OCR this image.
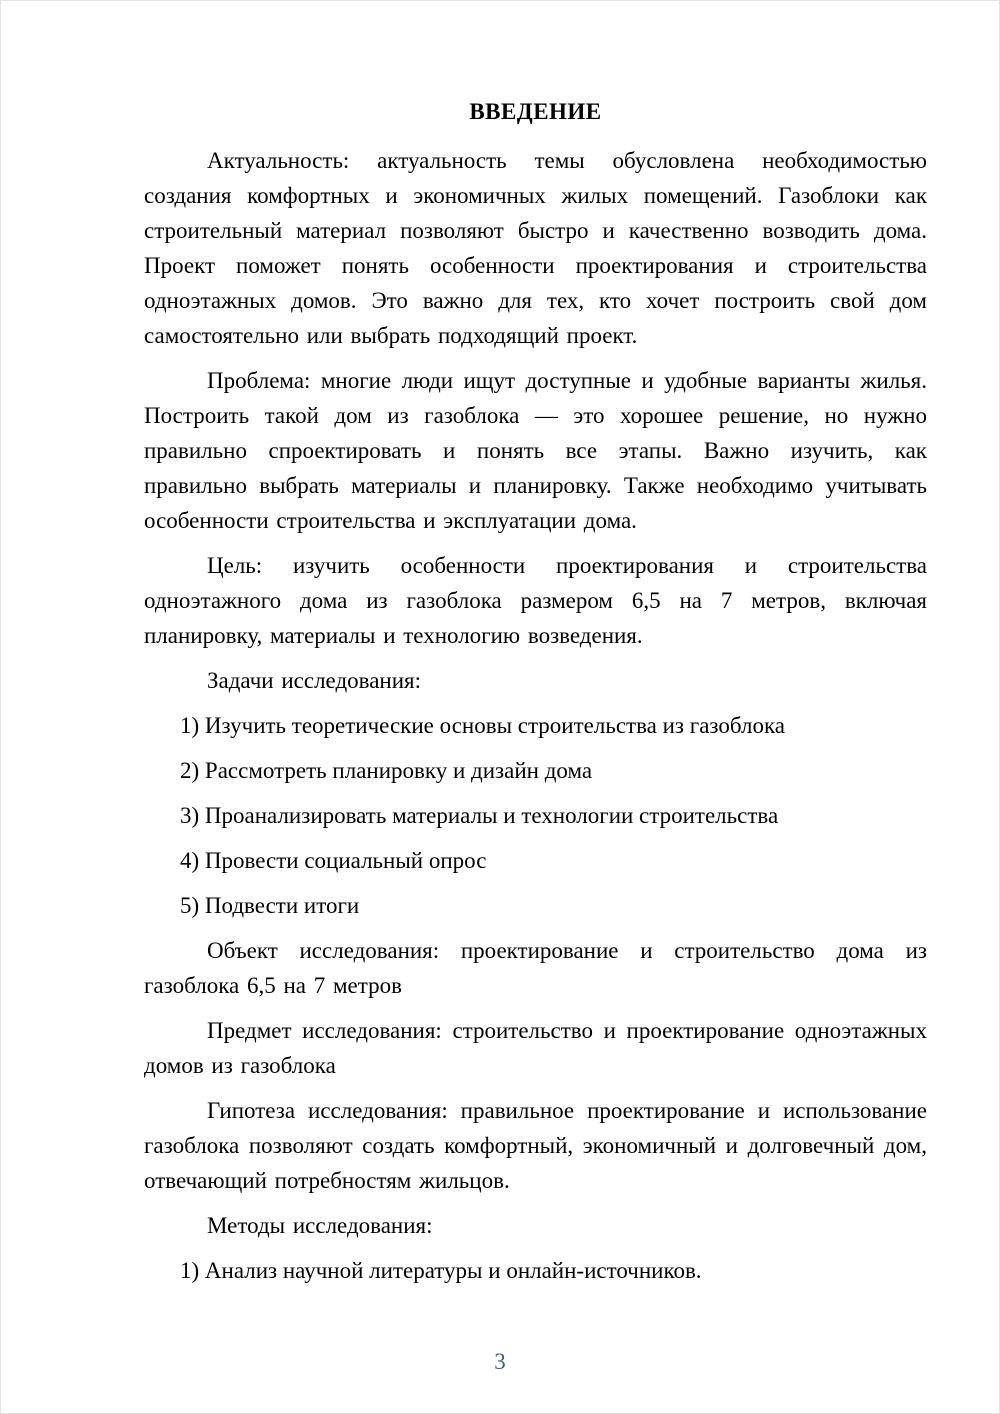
ВВЕДЕНИЕ

Актуальность: актуальность темы обусловлена необходимостью создания комфортных и экономичных жилых помещений. Газоблоки как строительный материал позволяют быстро и качественно возводить дома. Проект поможет понять особенности проектирования и строительства одноэтажных домов. Это важно для тех, кто хочет построить свой дом самостоятельно или выбрать подходящий проект.

Проблема: многие люди ищут доступные и удобные варианты жилья. Построить такой дом из газоблока — это хорошее решение, но нужно правильно спроектировать и понять все этапы. Важно изучить, как правильно выбрать материалы и планировку. Также необходимо учитывать особенности строительства и эксплуатации дома.

Цель: изучить особенности проектирования и строительства одноэтажного дома из газоблока размером 6,5 на 7 метров, включая планировку, материалы и технологию возведения.

Задачи исследования:

1) Изучить теоретические основы строительства из газоблока

2) Рассмотреть планировку и дизайн дома

3) Проанализировать материалы и технологии строительства

4) Провести социальный опрос

5) Подвести итоги

Объект исследования: проектирование и строительство дома из газоблока 6,5 на 7 метров

Предмет исследования: строительство и проектирование одноэтажных домов из газоблока

Гипотеза исследования: правильное проектирование и использование газоблока позволяют создать комфортный, экономичный и долговечный дом, отвечающий потребностям жильцов.

Методы исследования:

1) Анализ научной литературы и онлайн-источников.

3
